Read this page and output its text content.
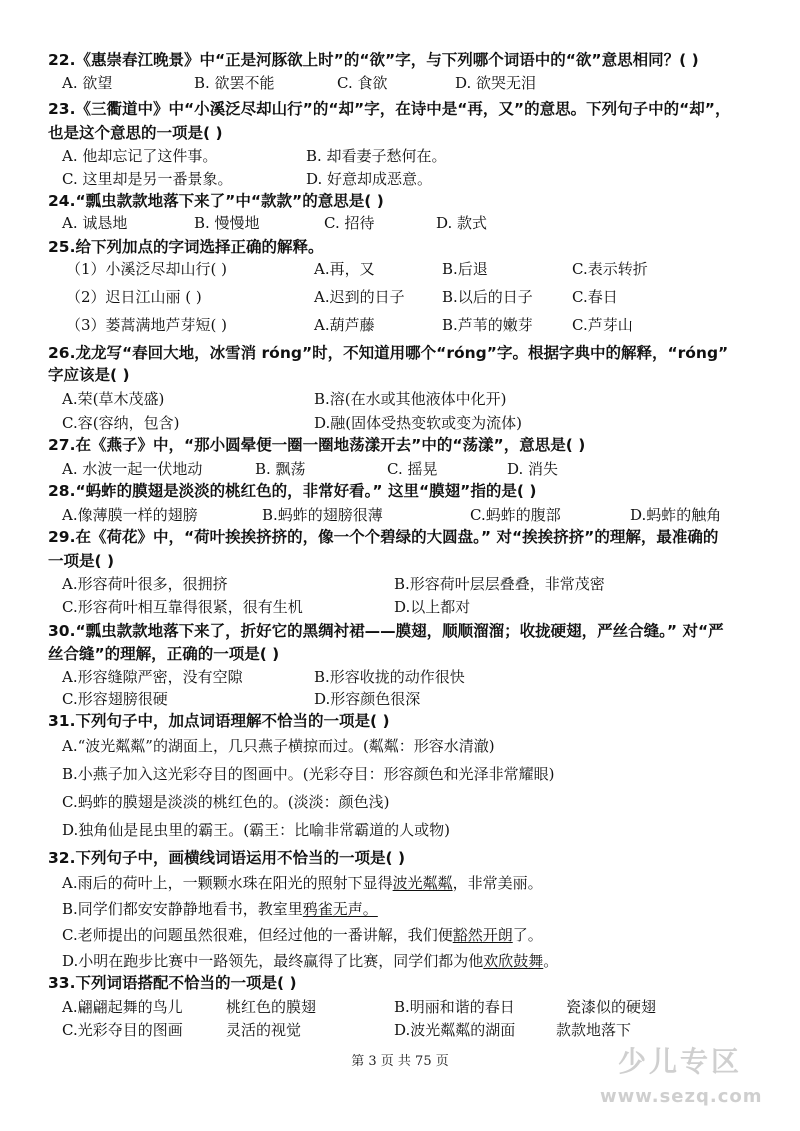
22.《惠崇春江晚景》中“正是河豚欲上时”的“欲”字，与下列哪个词语中的“欲”意思相同？( )
A. 欲望	B. 欲罢不能	C. 食欲	D. 欲哭无泪
23.《三衢道中》中“小溪泛尽却山行”的“却”字，在诗中是“再，又”的意思。下列句子中的“却”，
也是这个意思的一项是( )
A. 他却忘记了这件事。	B. 却看妻子愁何在。
C. 这里却是另一番景象。	D. 好意却成恶意。
24.“瓢虫款款地落下来了”中“款款”的意思是( )
A. 诚恳地	B. 慢慢地	C. 招待	D. 款式
25.给下列加点的字词选择正确的解释。
（1）小溪泛尽却山行( )	A.再，又	B.后退	C.表示转折
（2）迟日江山丽 ( )	A.迟到的日子 B.以后的日子	C.春日
（3）蒌蒿满地芦芽短( )	A.葫芦藤	B.芦苇的嫩芽	C.芦芽山
26.龙龙写“春回大地，冰雪消 róng”时，不知道用哪个“róng”字。根据字典中的解释，“róng”
字应该是( )
A.荣(草木茂盛)	B.溶(在水或其他液体中化开)
C.容(容纳，包含)	D.融(固体受热变软或变为流体)
27.在《燕子》中，“那小圆晕便一圈一圈地荡漾开去”中的“荡漾”，意思是( )
A. 水波一起一伏地动	B. 飘荡	C. 摇晃	D. 消失
28.“蚂蚱的膜翅是淡淡的桃红色的，非常好看。” 这里“膜翅”指的是( )
A.像薄膜一样的翅膀	B.蚂蚱的翅膀很薄	C.蚂蚱的腹部	D.蚂蚱的触角
29.在《荷花》中，“荷叶挨挨挤挤的，像一个个碧绿的大圆盘。” 对“挨挨挤挤”的理解，最准确的
一项是( )
A.形容荷叶很多，很拥挤	B.形容荷叶层层叠叠，非常茂密
C.形容荷叶相互靠得很紧，很有生机	D.以上都对
30.“瓢虫款款地落下来了，折好它的黑绸衬裙——膜翅，顺顺溜溜；收拢硬翅，严丝合缝。” 对“严
丝合缝”的理解，正确的一项是( )
A.形容缝隙严密，没有空隙	B.形容收拢的动作很快
C.形容翅膀很硬	D.形容颜色很深
31.下列句子中，加点词语理解不恰当的一项是( )
A.“波光粼粼”的湖面上，几只燕子横掠而过。(粼粼：形容水清澈)
B.小燕子加入这光彩夺目的图画中。(光彩夺目：形容颜色和光泽非常耀眼)
C.蚂蚱的膜翅是淡淡的桃红色的。(淡淡：颜色浅)
D.独角仙是昆虫里的霸王。(霸王：比喻非常霸道的人或物)
32.下列句子中，画横线词语运用不恰当的一项是( )
A.雨后的荷叶上，一颗颗水珠在阳光的照射下显得波光粼粼，非常美丽。
B.同学们都安安静静地看书，教室里鸦雀无声。
C.老师提出的问题虽然很难，但经过他的一番讲解，我们便豁然开朗了。
D.小明在跑步比赛中一路领先，最终赢得了比赛，同学们都为他欢欣鼓舞。
33.下列词语搭配不恰当的一项是( )
A.翩翩起舞的鸟儿	桃红色的膜翅	B.明丽和谐的春日	瓷漆似的硬翅
C.光彩夺目的图画	灵活的视觉	D.波光粼粼的湖面	款款地落下
第 3 页 共 75 页	少儿专区
www.sezq.com
